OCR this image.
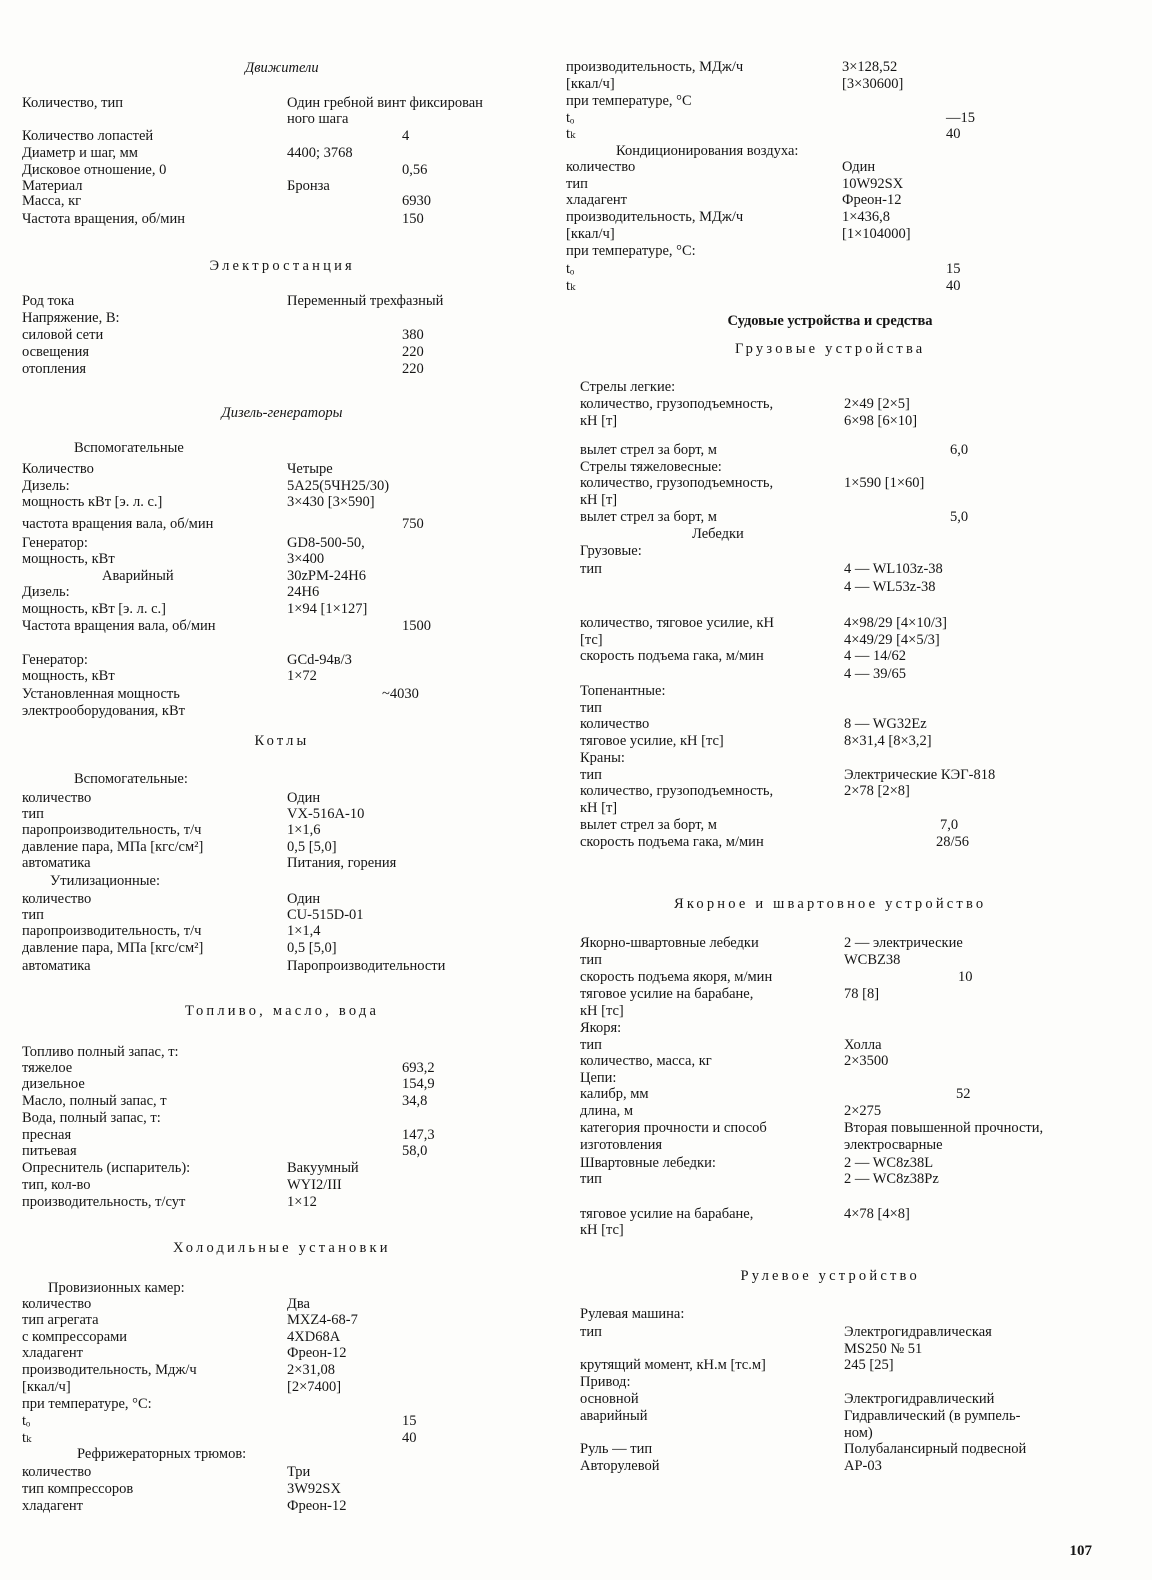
Движители
Количество, тип	Один гребной винт фиксирован
ного шага
Количество лопастей	4
Диаметр и шаг, мм	4400; 3768
Дисковое отношение, 0	0,56
Материал	Бронза
Масса, кг	6930
Частота вращения, об/мин	150
Электростанция
Род тока	Переменный трехфазный
Напряжение, В:
силовой сети	380
освещения	220
отопления	220
Дизель-генераторы
Вспомогательные
Количество	Четыре
Дизель:	5A25(5ЧН25/30)
мощность кВт [э. л. с.]	3×430 [3×590]
частота вращения вала, об/мин	750
Генератор:	GD8-500-50,
мощность, кВт	3×400
Аварийный	30zPM-24H6
Дизель:	24H6
мощность, кВт [э. л. с.]	1×94 [1×127]
Частота вращения вала, об/мин	1500
Генератор:	GCd-94в/3
мощность, кВт	1×72
Установленная мощность	~4030
электрооборудования, кВт
Котлы
Вспомогательные:
количество	Один
тип	VX-516A-10
паропроизводительность, т/ч	1×1,6
давление пара, МПа [кгс/см²]	0,5 [5,0]
автоматика	Питания, горения
Утилизационные:
количество	Один
тип	CU-515D-01
паропроизводительность, т/ч	1×1,4
давление пара, МПа [кгс/см²]	0,5 [5,0]
автоматика	Паропроизводительности
Топливо, масло, вода
Топливо полный запас, т:
тяжелое	693,2
дизельное	154,9
Масло, полный запас, т	34,8
Вода, полный запас, т:
пресная	147,3
питьевая	58,0
Опреснитель (испаритель):	Вакуумный
тип, кол-во	WYI2/III
производительность, т/сут	1×12
Холодильные установки
Провизионных камер:
количество	Два
тип агрегата	MXZ4-68-7
с компрессорами	4XD68A
хладагент	Фреон-12
производительность, Мдж/ч	2×31,08
[ккал/ч]	[2×7400]
при температуре, °С:
tₒ	15
tₖ	40
Рефрижераторных трюмов:
количество	Три
тип компрессоров	3W92SX
хладагент	Фреон-12
производительность, МДж/ч	3×128,52
[ккал/ч]	[3×30600]
при температуре, °С
tₒ	—15
tₖ	40
Кондиционирования воздуха:
количество	Один
тип	10W92SX
хладагент	Фреон-12
производительность, МДж/ч	1×436,8
[ккал/ч]	[1×104000]
при температуре, °С:
tₒ	15
tₖ	40
Судовые устройства и средства
Грузовые устройства
Стрелы легкие:
количество, грузоподъемность,	2×49 [2×5]
кН [т]	6×98 [6×10]
вылет стрел за борт, м	6,0
Стрелы тяжеловесные:
количество, грузоподъемность,	1×590 [1×60]
кН [т]
вылет стрел за борт, м	5,0
Лебедки
Грузовые:
тип	4 — WL103z-38
4 — WL53z-38
количество, тяговое усилие, кН	4×98/29 [4×10/3]
[тс]	4×49/29 [4×5/3]
скорость подъема гака, м/мин	4 — 14/62
4 — 39/65
Топенантные:
тип
количество	8 — WG32Ez
тяговое усилие, кН [тс]	8×31,4 [8×3,2]
Краны:
тип	Электрические КЭГ-818
количество, грузоподъемность,	2×78 [2×8]
кН [т]
вылет стрел за борт, м	7,0
скорость подъема гака, м/мин	28/56
Якорное и швартовное устройство
Якорно-швартовные лебедки	2 — электрические
тип	WCBZ38
скорость подъема якоря, м/мин	10
тяговое усилие на барабане,	78 [8]
кН [тс]
Якоря:
тип	Холла
количество, масса, кг	2×3500
Цепи:
калибр, мм	52
длина, м	2×275
категория прочности и способ	Вторая повышенной прочности,
изготовления	электросварные
Швартовные лебедки:	2 — WC8z38L
тип	2 — WC8z38Pz
тяговое усилие на барабане,	4×78 [4×8]
кН [тс]
Рулевое устройство
Рулевая машина:
тип	Электрогидравлическая
MS250 № 51
крутящий момент, кН.м [тс.м]	245 [25]
Привод:
основной	Электрогидравлический
аварийный	Гидравлический (в румпель-
ном)
Руль — тип	Полубалансирный подвесной
Авторулевой	AP-03
107
